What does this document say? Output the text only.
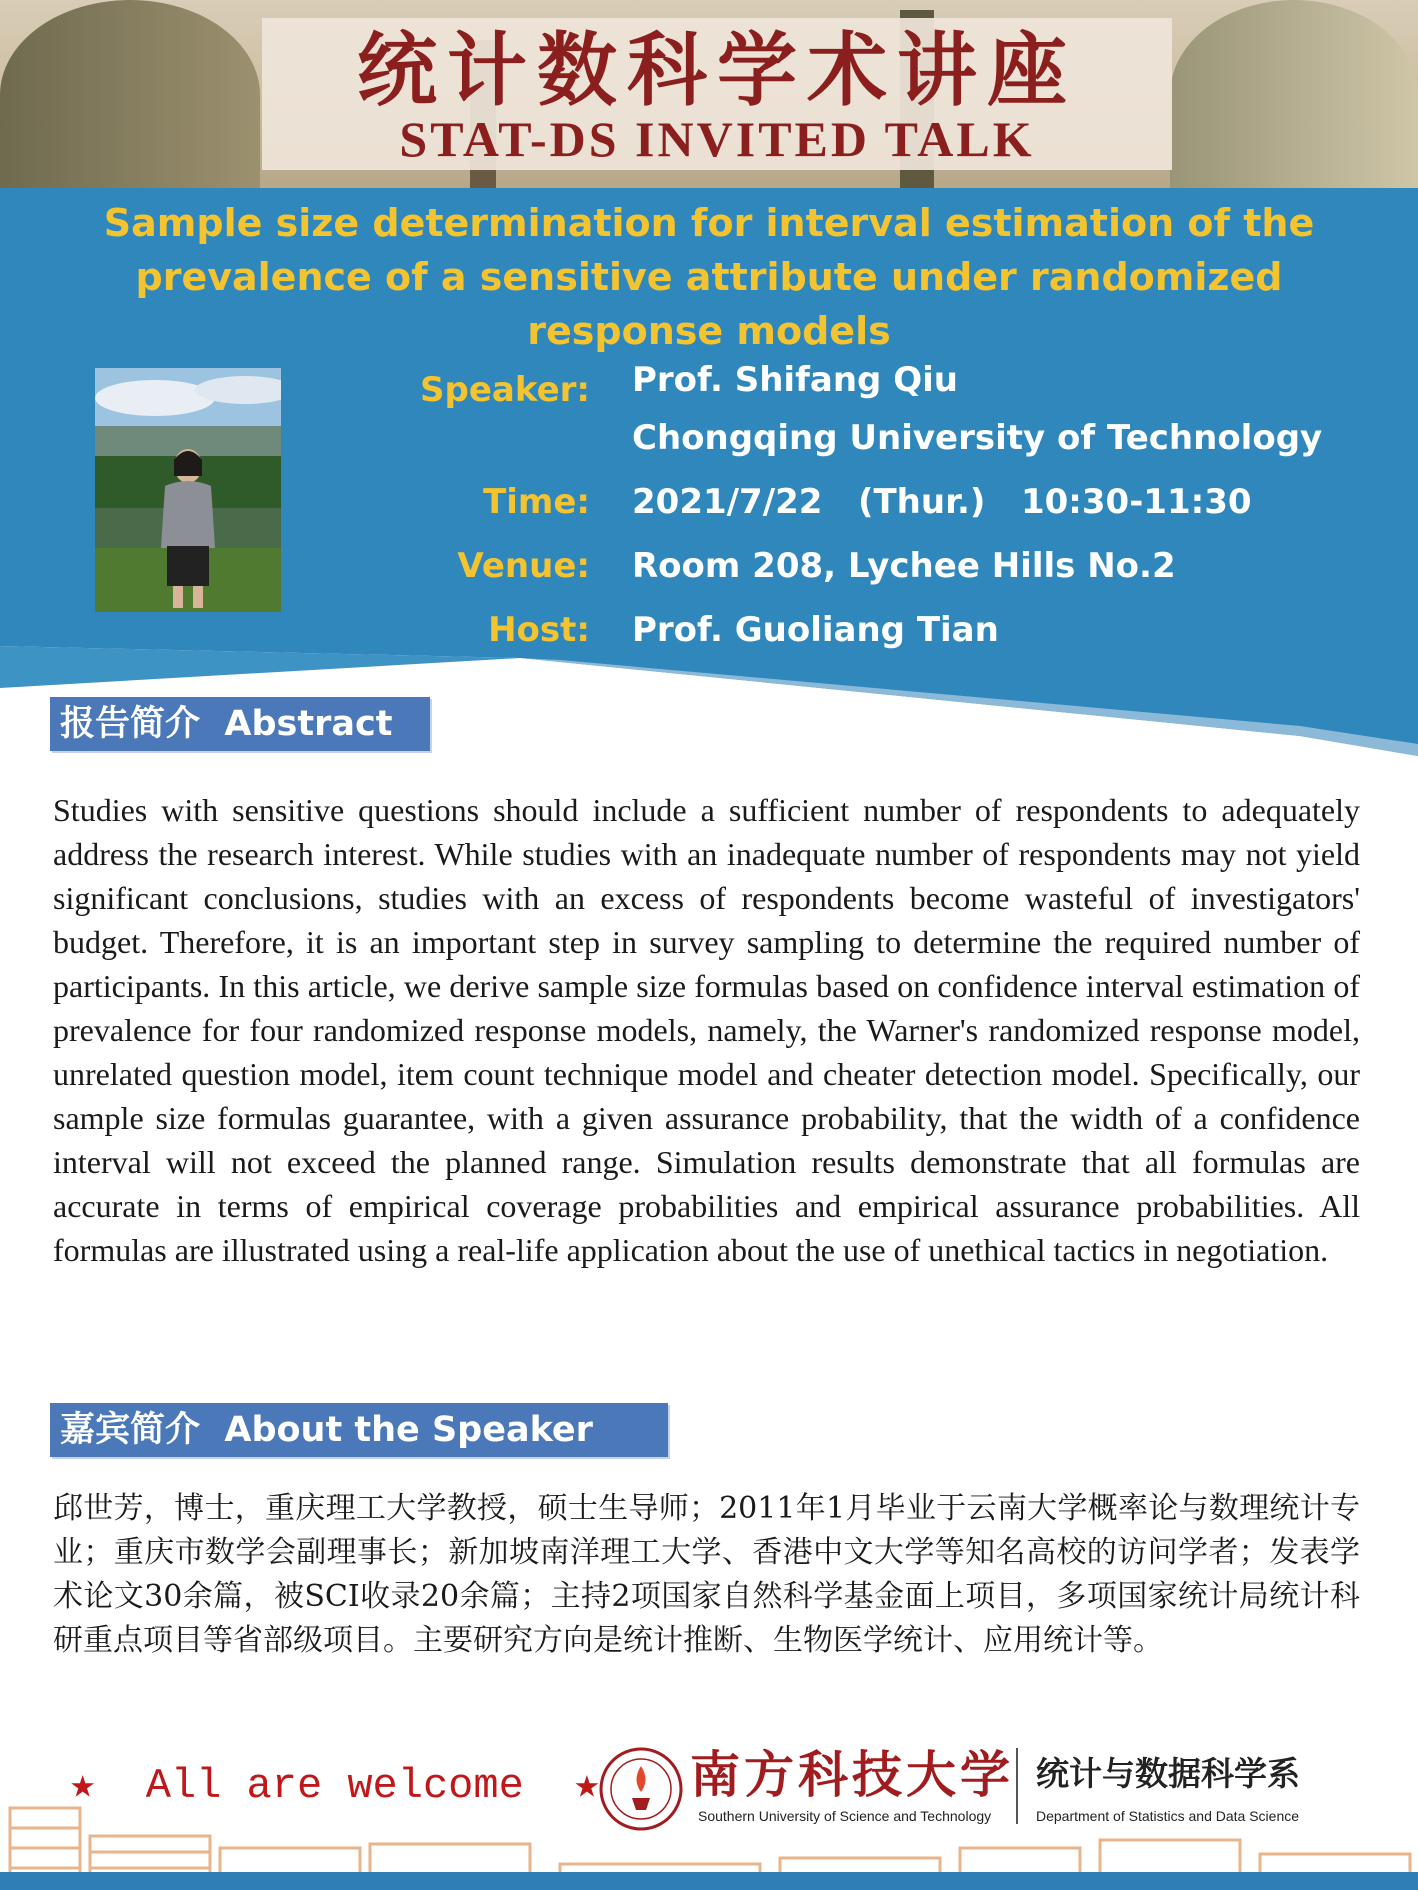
统计数科学术讲座
STAT-DS INVITED TALK
Sample size determination for interval estimation of the prevalence of a sensitive attribute under randomized response models
Speaker: Prof. Shifang Qiu
Chongqing University of Technology
Time: 2021/7/22   (Thur.)   10:30-11:30
Venue: Room 208, Lychee Hills No.2
Host: Prof. Guoliang Tian
报告简介  Abstract
Studies with sensitive questions should include a sufficient number of respondents to adequately address the research interest. While studies with an inadequate number of respondents may not yield significant conclusions, studies with an excess of respondents become wasteful of investigators' budget. Therefore, it is an important step in survey sampling to determine the required number of participants. In this article, we derive sample size formulas based on confidence interval estimation of prevalence for four randomized response models, namely, the Warner's randomized response model, unrelated question model, item count technique model and cheater detection model. Specifically, our sample size formulas guarantee, with a given assurance probability, that the width of a confidence interval will not exceed the planned range. Simulation results demonstrate that all formulas are accurate in terms of empirical coverage probabilities and empirical assurance probabilities. All formulas are illustrated using a real-life application about the use of unethical tactics in negotiation.
嘉宾简介  About the Speaker
邱世芳，博士，重庆理工大学教授，硕士生导师；2011年1月毕业于云南大学概率论与数理统计专业；重庆市数学会副理事长；新加坡南洋理工大学、香港中文大学等知名高校的访问学者；发表学术论文30余篇，被SCI收录20余篇；主持2项国家自然科学基金面上项目，多项国家统计局统计科研重点项目等省部级项目。主要研究方向是统计推断、生物医学统计、应用统计等。
★ All are welcome ★ 南方科技大学
Southern University of Science and Technology
统计与数据科学系
Department of Statistics and Data Science
